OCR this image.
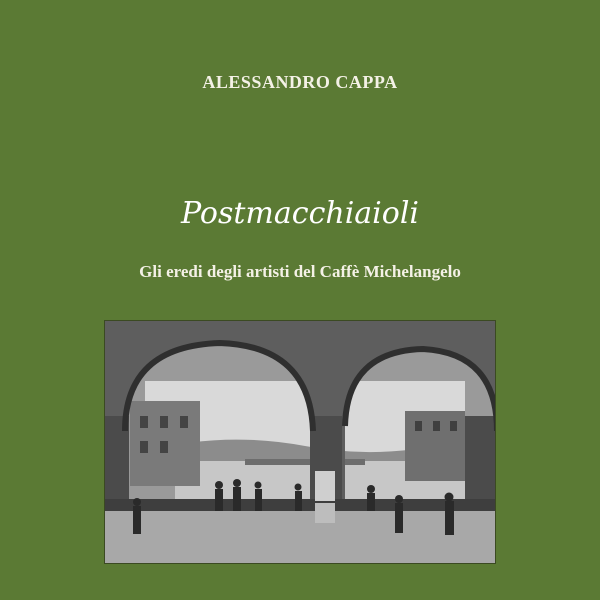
ALESSANDRO CAPPA
Postmacchiaioli
Gli eredi degli artisti del Caffè Michelangelo
